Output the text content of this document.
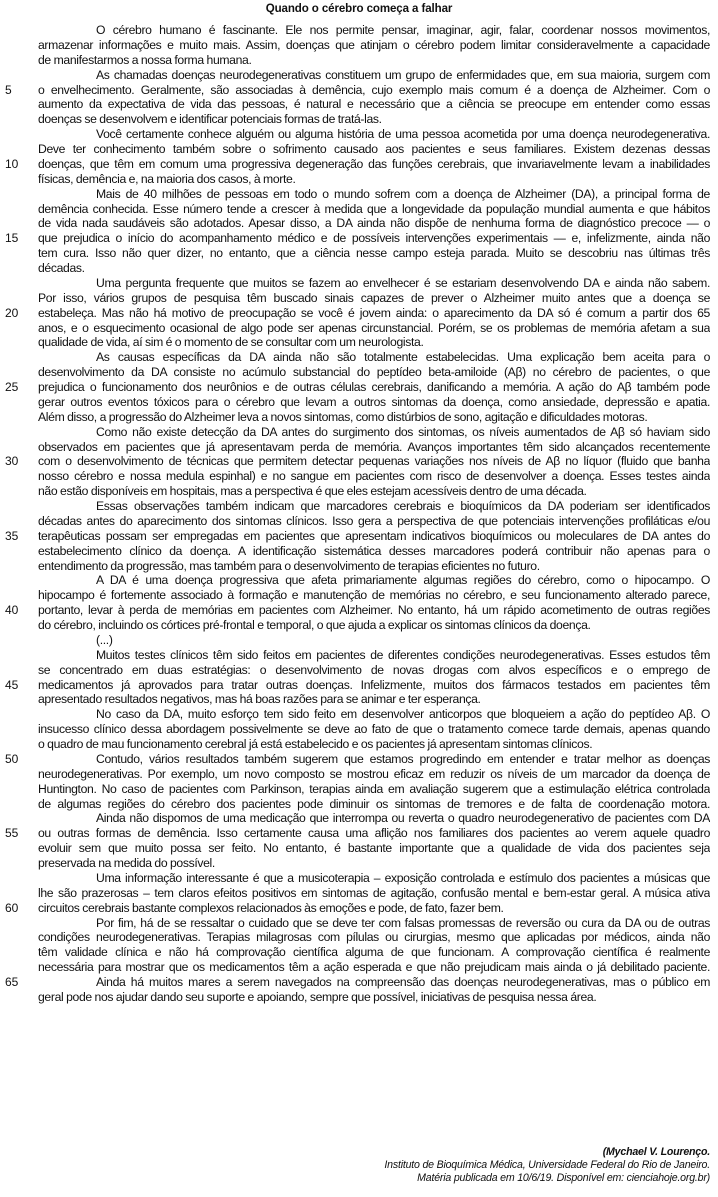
Quando o cérebro começa a falhar
O cérebro humano é fascinante. Ele nos permite pensar, imaginar, agir, falar, coordenar nossos movimentos,
armazenar informações e muito mais. Assim, doenças que atinjam o cérebro podem limitar consideravelmente a capacidade
de manifestarmos a nossa forma humana.
As chamadas doenças neurodegenerativas constituem um grupo de enfermidades que, em sua maioria, surgem com
5	o envelhecimento. Geralmente, são associadas à demência, cujo exemplo mais comum é a doença de Alzheimer. Com o
aumento da expectativa de vida das pessoas, é natural e necessário que a ciência se preocupe em entender como essas
doenças se desenvolvem e identificar potenciais formas de tratá-las.
Você certamente conhece alguém ou alguma história de uma pessoa acometida por uma doença neurodegenerativa.
Deve ter conhecimento também sobre o sofrimento causado aos pacientes e seus familiares. Existem dezenas dessas
10	doenças, que têm em comum uma progressiva degeneração das funções cerebrais, que invariavelmente levam a inabilidades
físicas, demência e, na maioria dos casos, à morte.
Mais de 40 milhões de pessoas em todo o mundo sofrem com a doença de Alzheimer (DA), a principal forma de
demência conhecida. Esse número tende a crescer à medida que a longevidade da população mundial aumenta e que hábitos
de vida nada saudáveis são adotados. Apesar disso, a DA ainda não dispõe de nenhuma forma de diagnóstico precoce — o
15	que prejudica o início do acompanhamento médico e de possíveis intervenções experimentais — e, infelizmente, ainda não
tem cura. Isso não quer dizer, no entanto, que a ciência nesse campo esteja parada. Muito se descobriu nas últimas três
décadas.
Uma pergunta frequente que muitos se fazem ao envelhecer é se estariam desenvolvendo DA e ainda não sabem.
Por isso, vários grupos de pesquisa têm buscado sinais capazes de prever o Alzheimer muito antes que a doença se
20	estabeleça. Mas não há motivo de preocupação se você é jovem ainda: o aparecimento da DA só é comum a partir dos 65
anos, e o esquecimento ocasional de algo pode ser apenas circunstancial. Porém, se os problemas de memória afetam a sua
qualidade de vida, aí sim é o momento de se consultar com um neurologista.
As causas específicas da DA ainda não são totalmente estabelecidas. Uma explicação bem aceita para o
desenvolvimento da DA consiste no acúmulo substancial do peptídeo beta-amiloide (Aβ) no cérebro de pacientes, o que
25	prejudica o funcionamento dos neurônios e de outras células cerebrais, danificando a memória. A ação do Aβ também pode
gerar outros eventos tóxicos para o cérebro que levam a outros sintomas da doença, como ansiedade, depressão e apatia.
Além disso, a progressão do Alzheimer leva a novos sintomas, como distúrbios de sono, agitação e dificuldades motoras.
Como não existe detecção da DA antes do surgimento dos sintomas, os níveis aumentados de Aβ só haviam sido
observados em pacientes que já apresentavam perda de memória. Avanços importantes têm sido alcançados recentemente
30	com o desenvolvimento de técnicas que permitem detectar pequenas variações nos níveis de Aβ no líquor (fluido que banha
nosso cérebro e nossa medula espinhal) e no sangue em pacientes com risco de desenvolver a doença. Esses testes ainda
não estão disponíveis em hospitais, mas a perspectiva é que eles estejam acessíveis dentro de uma década.
Essas observações também indicam que marcadores cerebrais e bioquímicos da DA poderiam ser identificados
décadas antes do aparecimento dos sintomas clínicos. Isso gera a perspectiva de que potenciais intervenções profiláticas e/ou
35	terapêuticas possam ser empregadas em pacientes que apresentam indicativos bioquímicos ou moleculares de DA antes do
estabelecimento clínico da doença. A identificação sistemática desses marcadores poderá contribuir não apenas para o
entendimento da progressão, mas também para o desenvolvimento de terapias eficientes no futuro.
A DA é uma doença progressiva que afeta primariamente algumas regiões do cérebro, como o hipocampo. O
hipocampo é fortemente associado à formação e manutenção de memórias no cérebro, e seu funcionamento alterado parece,
40	portanto, levar à perda de memórias em pacientes com Alzheimer. No entanto, há um rápido acometimento de outras regiões
do cérebro, incluindo os córtices pré-frontal e temporal, o que ajuda a explicar os sintomas clínicos da doença.
(...)
Muitos testes clínicos têm sido feitos em pacientes de diferentes condições neurodegenerativas. Esses estudos têm
se concentrado em duas estratégias: o desenvolvimento de novas drogas com alvos específicos e o emprego de
45	medicamentos já aprovados para tratar outras doenças. Infelizmente, muitos dos fármacos testados em pacientes têm
apresentado resultados negativos, mas há boas razões para se animar e ter esperança.
No caso da DA, muito esforço tem sido feito em desenvolver anticorpos que bloqueiem a ação do peptídeo Aβ. O
insucesso clínico dessa abordagem possivelmente se deve ao fato de que o tratamento comece tarde demais, apenas quando
o quadro de mau funcionamento cerebral já está estabelecido e os pacientes já apresentam sintomas clínicos.
50	Contudo, vários resultados também sugerem que estamos progredindo em entender e tratar melhor as doenças
neurodegenerativas. Por exemplo, um novo composto se mostrou eficaz em reduzir os níveis de um marcador da doença de
Huntington. No caso de pacientes com Parkinson, terapias ainda em avaliação sugerem que a estimulação elétrica controlada
de algumas regiões do cérebro dos pacientes pode diminuir os sintomas de tremores e de falta de coordenação motora.
Ainda não dispomos de uma medicação que interrompa ou reverta o quadro neurodegenerativo de pacientes com DA
55	ou outras formas de demência. Isso certamente causa uma aflição nos familiares dos pacientes ao verem aquele quadro
evoluir sem que muito possa ser feito. No entanto, é bastante importante que a qualidade de vida dos pacientes seja
preservada na medida do possível.
Uma informação interessante é que a musicoterapia – exposição controlada e estímulo dos pacientes a músicas que
lhe são prazerosas – tem claros efeitos positivos em sintomas de agitação, confusão mental e bem-estar geral. A música ativa
60	circuitos cerebrais bastante complexos relacionados às emoções e pode, de fato, fazer bem.
Por fim, há de se ressaltar o cuidado que se deve ter com falsas promessas de reversão ou cura da DA ou de outras
condições neurodegenerativas. Terapias milagrosas com pílulas ou cirurgias, mesmo que aplicadas por médicos, ainda não
têm validade clínica e não há comprovação científica alguma de que funcionam. A comprovação científica é realmente
necessária para mostrar que os medicamentos têm a ação esperada e que não prejudicam mais ainda o já debilitado paciente.
65	Ainda há muitos mares a serem navegados na compreensão das doenças neurodegenerativas, mas o público em
geral pode nos ajudar dando seu suporte e apoiando, sempre que possível, iniciativas de pesquisa nessa área.
(Mychael V. Lourenço.
Instituto de Bioquímica Médica, Universidade Federal do Rio de Janeiro.
Matéria publicada em 10/6/19. Disponível em: cienciahoje.org.br)
